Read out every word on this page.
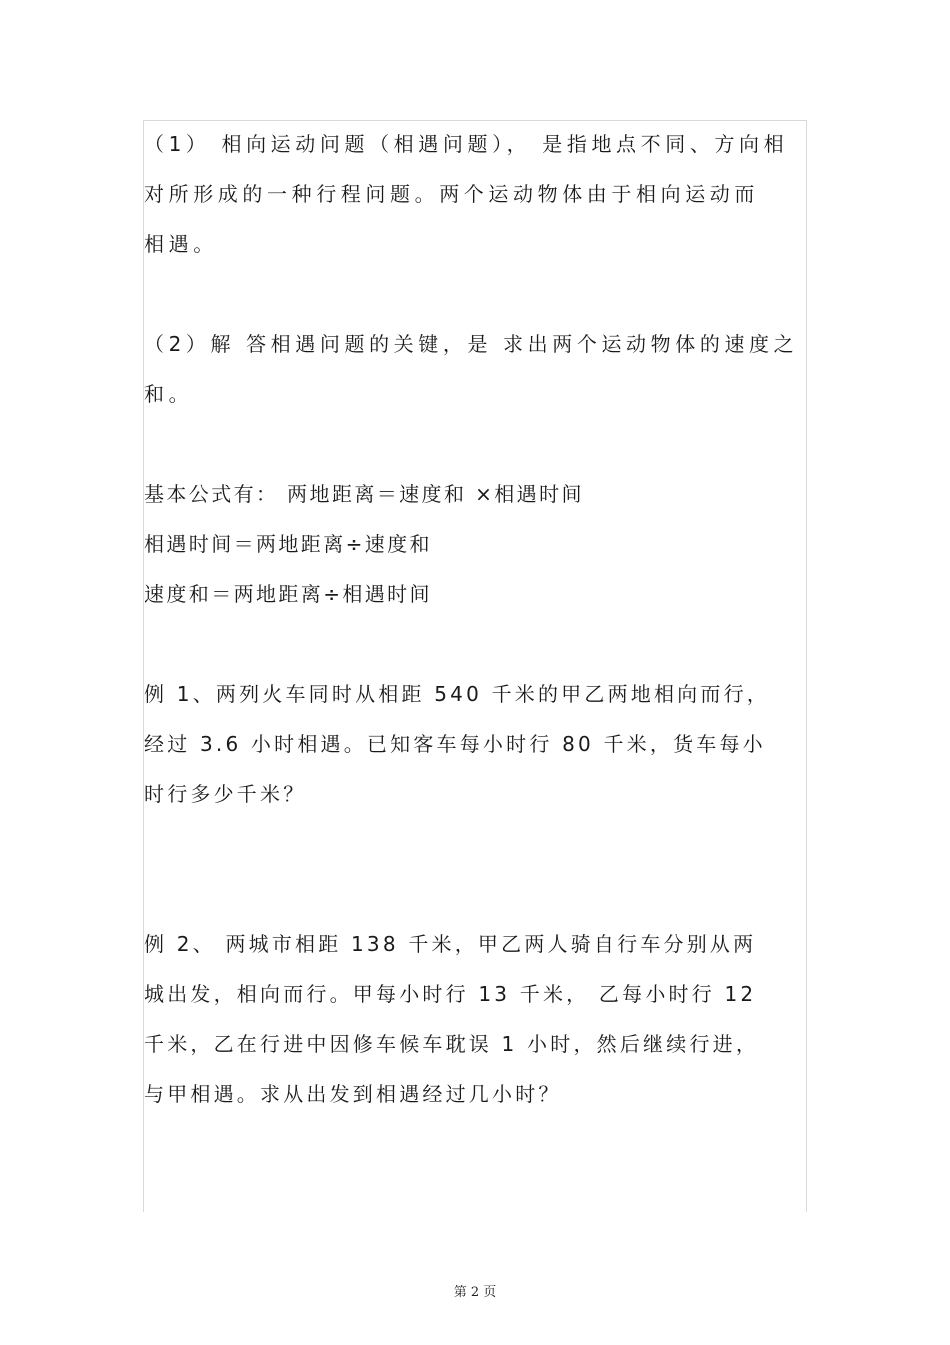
（1） 相向运动问题（相遇问题）， 是指地点不同、方向相
对所形成的一种行程问题。两个运动物体由于相向运动而
相遇。
（2）解 答相遇问题的关键，是 求出两个运动物体的速度之
和。
基本公式有： 两地距离＝速度和 ×相遇时间
相遇时间＝两地距离÷速度和
速度和＝两地距离÷相遇时间
例 1、两列火车同时从相距 540 千米的甲乙两地相向而行，
经过 3.6 小时相遇。已知客车每小时行 80 千米，货车每小
时行多少千米？
例 2、 两城市相距 138 千米，甲乙两人骑自行车分别从两
城出发，相向而行。甲每小时行 13 千米， 乙每小时行 12
千米，乙在行进中因修车候车耽误 1 小时，然后继续行进，
与甲相遇。求从出发到相遇经过几小时？
第 2 页
